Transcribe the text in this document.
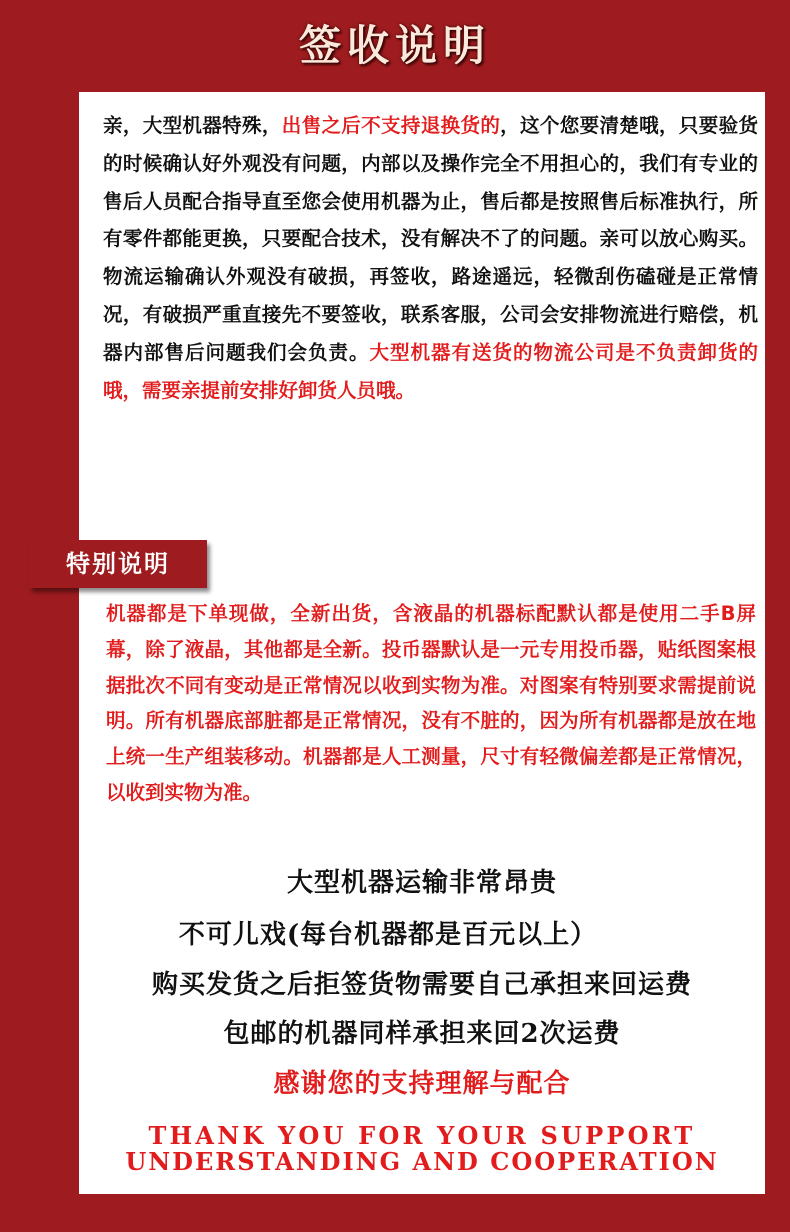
签收说明
亲，大型机器特殊，出售之后不支持退换货的，这个您要清楚哦，只要验货的时候确认好外观没有问题，内部以及操作完全不用担心的，我们有专业的售后人员配合指导直至您会使用机器为止，售后都是按照售后标准执行，所有零件都能更换，只要配合技术，没有解决不了的问题。亲可以放心购买。物流运输确认外观没有破损，再签收，路途遥远，轻微刮伤磕碰是正常情况，有破损严重直接先不要签收，联系客服，公司会安排物流进行赔偿，机器内部售后问题我们会负责。大型机器有送货的物流公司是不负责卸货的哦，需要亲提前安排好卸货人员哦。
特别说明
机器都是下单现做，全新出货，含液晶的机器标配默认都是使用二手B屏幕，除了液晶，其他都是全新。投币器默认是一元专用投币器，贴纸图案根据批次不同有变动是正常情况以收到实物为准。对图案有特别要求需提前说明。所有机器底部脏都是正常情况，没有不脏的，因为所有机器都是放在地上统一生产组装移动。机器都是人工测量，尺寸有轻微偏差都是正常情况，以收到实物为准。
大型机器运输非常昂贵
不可儿戏(每台机器都是百元以上）
购买发货之后拒签货物需要自己承担来回运费
包邮的机器同样承担来回2次运费
感谢您的支持理解与配合
THANK YOU FOR YOUR SUPPORT
UNDERSTANDING AND COOPERATION
